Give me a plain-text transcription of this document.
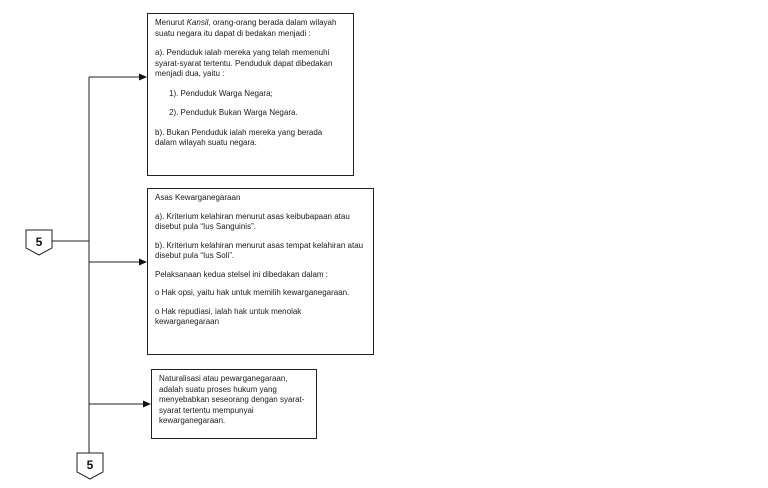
5
5

Menurut Kansil, orang-orang berada dalam wilayah suatu negara itu dapat di bedakan menjadi :

a). Penduduk ialah mereka yang telah memenuhi syarat-syarat tertentu. Penduduk dapat dibedakan menjadi dua, yaitu :

1). Penduduk Warga Negara;

2). Penduduk Bukan Warga Negara.

b). Bukan Penduduk ialah mereka yang berada dalam wilayah suatu negara.

Asas Kewarganegaraan

a). Kriterium kelahiran menurut asas keibubapaan atau disebut pula “Ius Sanguinis”.

b). Kriterium kelahiran menurut asas tempat kelahiran atau disebut pula “Ius Soli”.

Pelaksanaan kedua stelsel ini dibedakan dalam :

o Hak opsi, yaitu hak untuk memilih kewarganegaraan.

o Hak repudiasi, ialah hak untuk menolak kewarganegaraan

Naturalisasi atau pewarganegaraan, adalah suatu proses hukum yang menyebabkan seseorang dengan syarat-syarat tertentu mempunyai kewarganegaraan.
